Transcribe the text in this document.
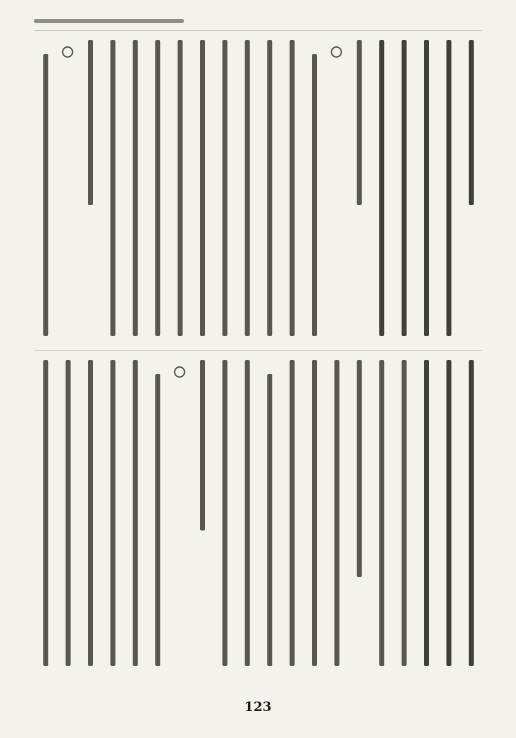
123
